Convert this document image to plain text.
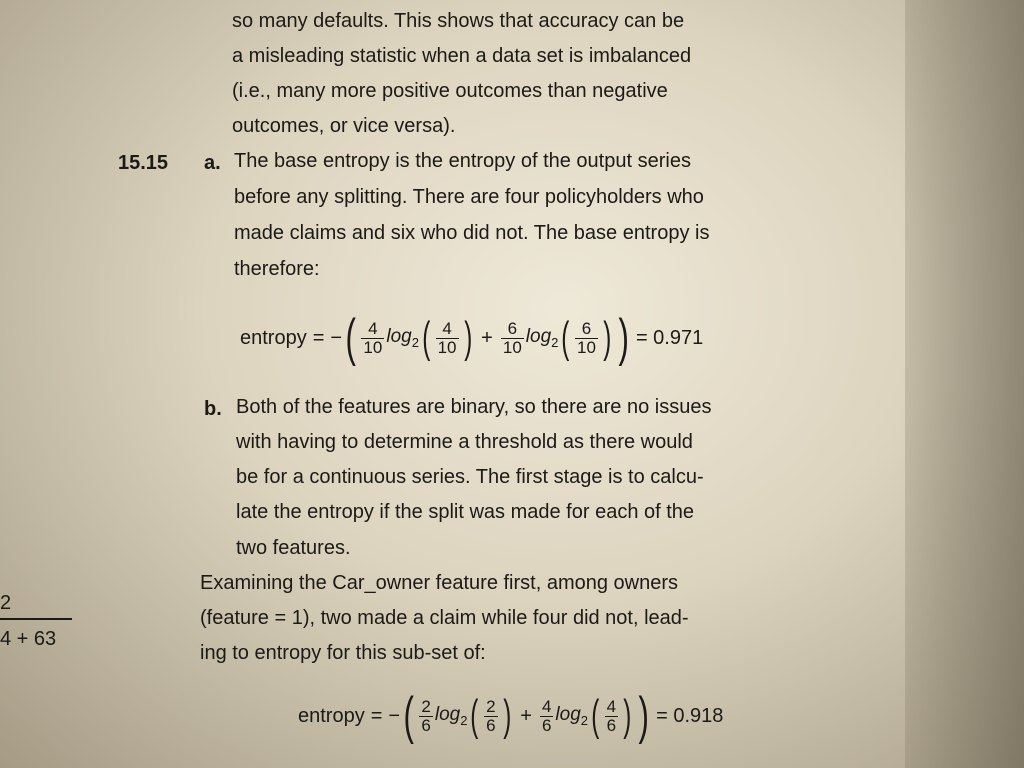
so many defaults. This shows that accuracy can be
a misleading statistic when a data set is imbalanced
(i.e., many more positive outcomes than negative
outcomes, or vice versa).
15.15 a. The base entropy is the entropy of the output series
before any splitting. There are four policyholders who
made claims and six who did not. The base entropy is
therefore:
entropy = − ( $\frac{4}{10} \log_2$ ( $\frac{4}{10}$ ) + $\frac{6}{10} \log_2$ ( $\frac{6}{10}$ ) ) = 0.971
b. Both of the features are binary, so there are no issues
with having to determine a threshold as there would
be for a continuous series. The first stage is to calcu-
late the entropy if the split was made for each of the
two features.
Examining the Car_owner feature first, among owners
(feature = 1), two made a claim while four did not, lead-
ing to entropy for this sub-set of:
entropy = − ( $\frac{2}{6} \log_2$ ( $\frac{2}{6}$ ) + $\frac{4}{6} \log_2$ ( $\frac{4}{6}$ ) ) = 0.918
2
4 + 63
